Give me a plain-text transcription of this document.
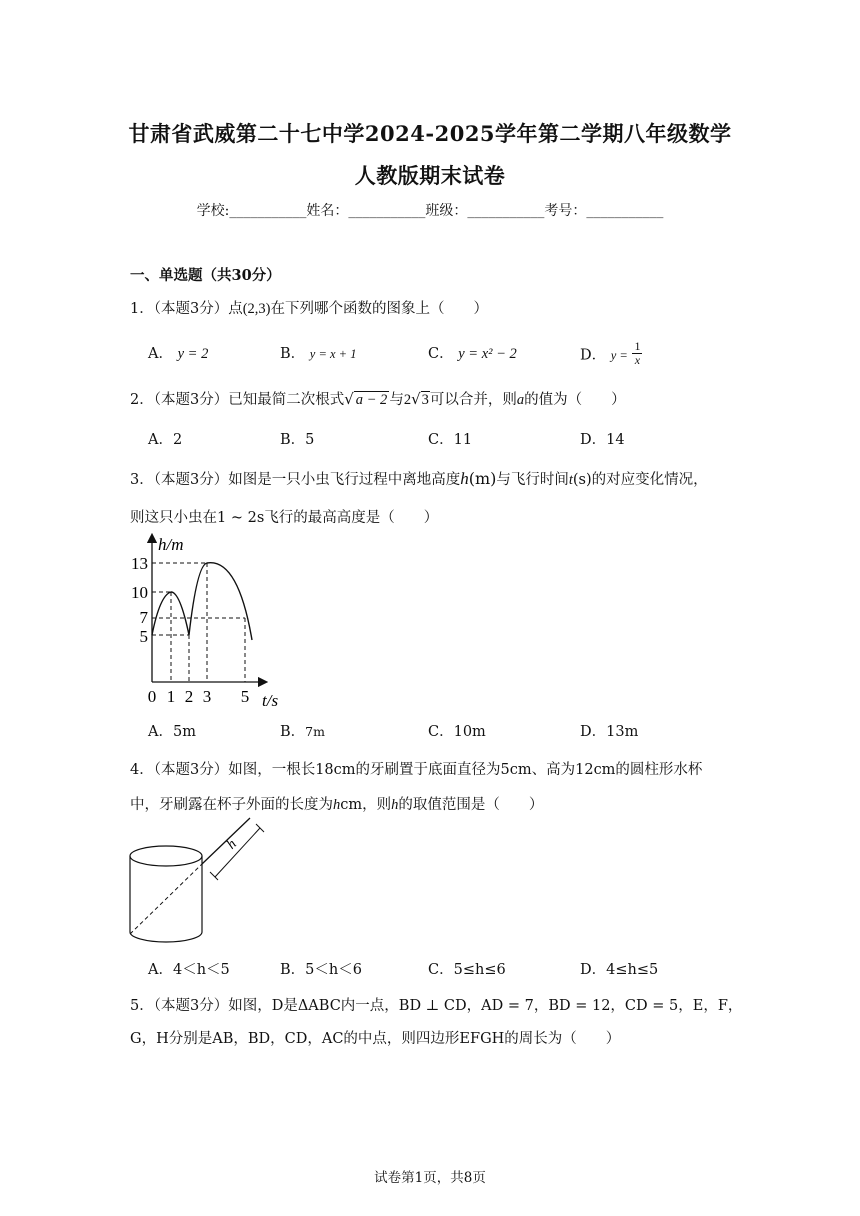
甘肃省武威第二十七中学2024-2025学年第二学期八年级数学
人教版期末试卷
学校:___________姓名：___________班级：___________考号：___________
一、单选题（共30分）
1．（本题3分）点(2,3)在下列哪个函数的图象上（　　）
A． y = 2	B． y = x + 1	C． y = x² − 2	D． $y = \frac{1}{x}$
2．（本题3分）已知最简二次根式√ a − 2 与2√3可以合并，则a的值为（　　）
A．2	B．5	C．11	D．14
3．（本题3分）如图是一只小虫飞行过程中离地高度h(m)与飞行时间t(s)的对应变化情况，
则这只小虫在1 ~ 2s飞行的最高高度是（　　）
13
10
7
5
0 1 2 3 5
h/m
t/s
A．5m	B．7m	C．10m	D．13m
4．（本题3分）如图，一根长18cm的牙刷置于底面直径为5cm、高为12cm的圆柱形水杯
中，牙刷露在杯子外面的长度为hcm，则h的取值范围是（　　）
h
A．4＜h＜5	B．5＜h＜6	C．5≤h≤6	D．4≤h≤5
5．（本题3分）如图，D是ΔABC内一点，BD ⊥ CD，AD = 7，BD = 12，CD = 5，E，F，
G，H分别是AB，BD，CD，AC的中点，则四边形EFGH的周长为（　　）
试卷第1页，共8页
